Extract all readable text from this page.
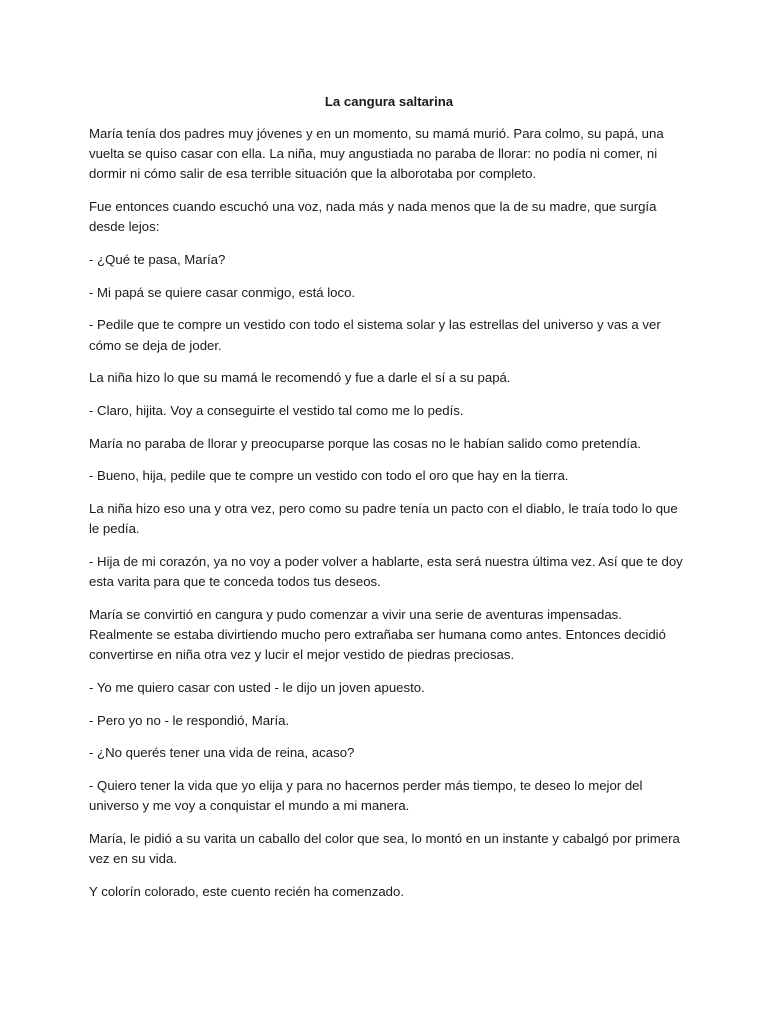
La cangura saltarina

María tenía dos padres muy jóvenes y en un momento, su mamá murió. Para colmo, su papá, una vuelta se quiso casar con ella. La niña, muy angustiada no paraba de llorar: no podía ni comer, ni dormir ni cómo salir de esa terrible situación que la alborotaba por completo.

Fue entonces cuando escuchó una voz, nada más y nada menos que la de su madre, que surgía desde lejos:

- ¿Qué te pasa, María?

- Mi papá se quiere casar conmigo, está loco.

- Pedile que te compre un vestido con todo el sistema solar y las estrellas del universo y vas a ver cómo se deja de joder.

La niña hizo lo que su mamá le recomendó y fue a darle el sí a su papá.

- Claro, hijita. Voy a conseguirte el vestido tal como me lo pedís.

María no paraba de llorar y preocuparse porque las cosas no le habían salido como pretendía.

- Bueno, hija, pedile que te compre un vestido con todo el oro que hay en la tierra.

La niña hizo eso una y otra vez, pero como su padre tenía un pacto con el diablo, le traía todo lo que le pedía.

- Hija de mi corazón, ya no voy a poder volver a hablarte, esta será nuestra última vez. Así que te doy esta varita para que te conceda todos tus deseos.

María se convirtió en cangura y pudo comenzar a vivir una serie de aventuras impensadas. Realmente se estaba divirtiendo mucho pero extrañaba ser humana como antes. Entonces decidió convertirse en niña otra vez y lucir el mejor vestido de piedras preciosas.

- Yo me quiero casar con usted - le dijo un joven apuesto.

- Pero yo no - le respondió, María.

- ¿No querés tener una vida de reina, acaso?

- Quiero tener la vida que yo elija y para no hacernos perder más tiempo, te deseo lo mejor del universo y me voy a conquistar el mundo a mi manera.

María, le pidió a su varita un caballo del color que sea, lo montó en un instante y cabalgó por primera vez en su vida.

Y colorín colorado, este cuento recién ha comenzado.
